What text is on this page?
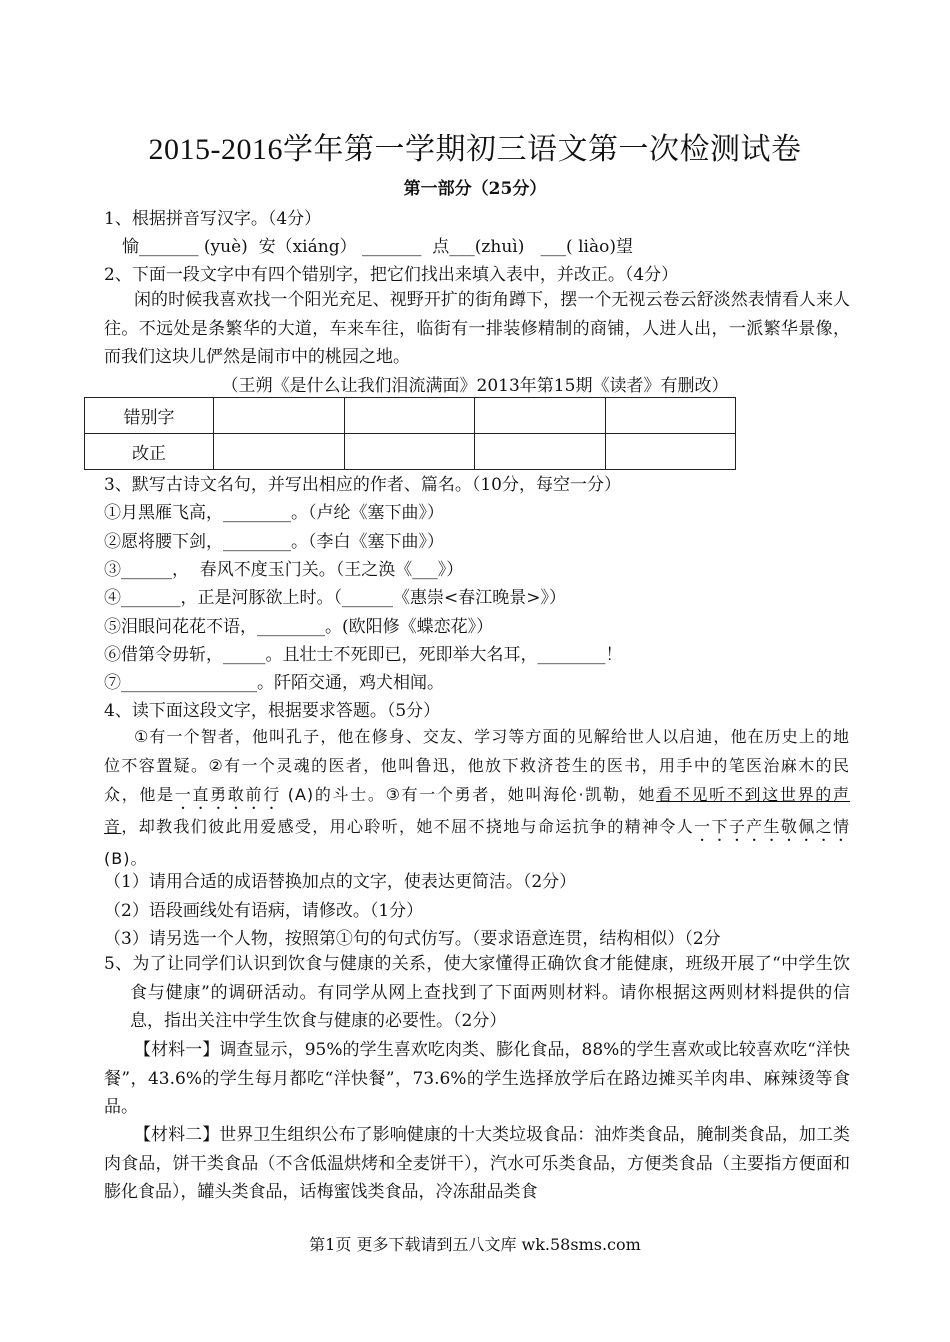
2015-2016学年第一学期初三语文第一次检测试卷
第一部分（25分）
1、根据拼音写汉字。（4分）
愉_______ (yuè)  安（xiáng） _______  点___(zhuì)   ___( liào)望
2、下面一段文字中有四个错别字，把它们找出来填入表中，并改正。（4分）
闲的时候我喜欢找一个阳光充足、视野开扩的街角蹲下，摆一个无视云卷云舒淡然表情看人来人往。不远处是条繁华的大道，车来车往，临街有一排装修精制的商铺，人进人出，一派繁华景像，而我们这块儿俨然是闹市中的桃园之地。
（王朔《是什么让我们泪流满面》2013年第15期《读者》有删改）
错别字				
改正				
3、默写古诗文名句，并写出相应的作者、篇名。（10分，每空一分）
①月黑雁飞高，________。（卢纶《塞下曲》）
②愿将腰下剑，________。（李白《塞下曲》）
③______，  春风不度玉门关。（王之涣《___》）
④_______，正是河豚欲上时。（______《惠崇<春江晚景>》）
⑤泪眼问花花不语，________。(欧阳修《蝶恋花》）
⑥借第令毋斩，_____。且壮士不死即已，死即举大名耳，________！
⑦________________。阡陌交通，鸡犬相闻。
4、读下面这段文字，根据要求答题。（5分）
①有一个智者，他叫孔子，他在修身、交友、学习等方面的见解给世人以启迪，他在历史上的地位不容置疑。②有一个灵魂的医者，他叫鲁迅，他放下救济苍生的医书，用手中的笔医治麻木的民众，他是一直勇敢前行 (A)的斗士。③有一个勇者，她叫海伦·凯勒，她看不见听不到这世界的声音，却教我们彼此用爱感受，用心聆听，她不屈不挠地与命运抗争的精神令人一下子产生敬佩之情(B)。
（1）请用合适的成语替换加点的文字，使表达更简洁。（2分）
（2）语段画线处有语病，请修改。（1分）
（3）请另选一个人物，按照第①句的句式仿写。（要求语意连贯，结构相似）（2分
5、为了让同学们认识到饮食与健康的关系，使大家懂得正确饮食才能健康，班级开展了“中学生饮食与健康”的调研活动。有同学从网上查找到了下面两则材料。请你根据这两则材料提供的信息，指出关注中学生饮食与健康的必要性。（2分）
【材料一】调查显示，95%的学生喜欢吃肉类、膨化食品，88%的学生喜欢或比较喜欢吃“洋快餐”，43.6%的学生每月都吃“洋快餐”，73.6%的学生选择放学后在路边摊买羊肉串、麻辣烫等食品。
【材料二】世界卫生组织公布了影响健康的十大类垃圾食品：油炸类食品，腌制类食品，加工类肉食品，饼干类食品（不含低温烘烤和全麦饼干），汽水可乐类食品，方便类食品（主要指方便面和膨化食品），罐头类食品，话梅蜜饯类食品，冷冻甜品类食
第1页 更多下载请到五八文库 wk.58sms.com
